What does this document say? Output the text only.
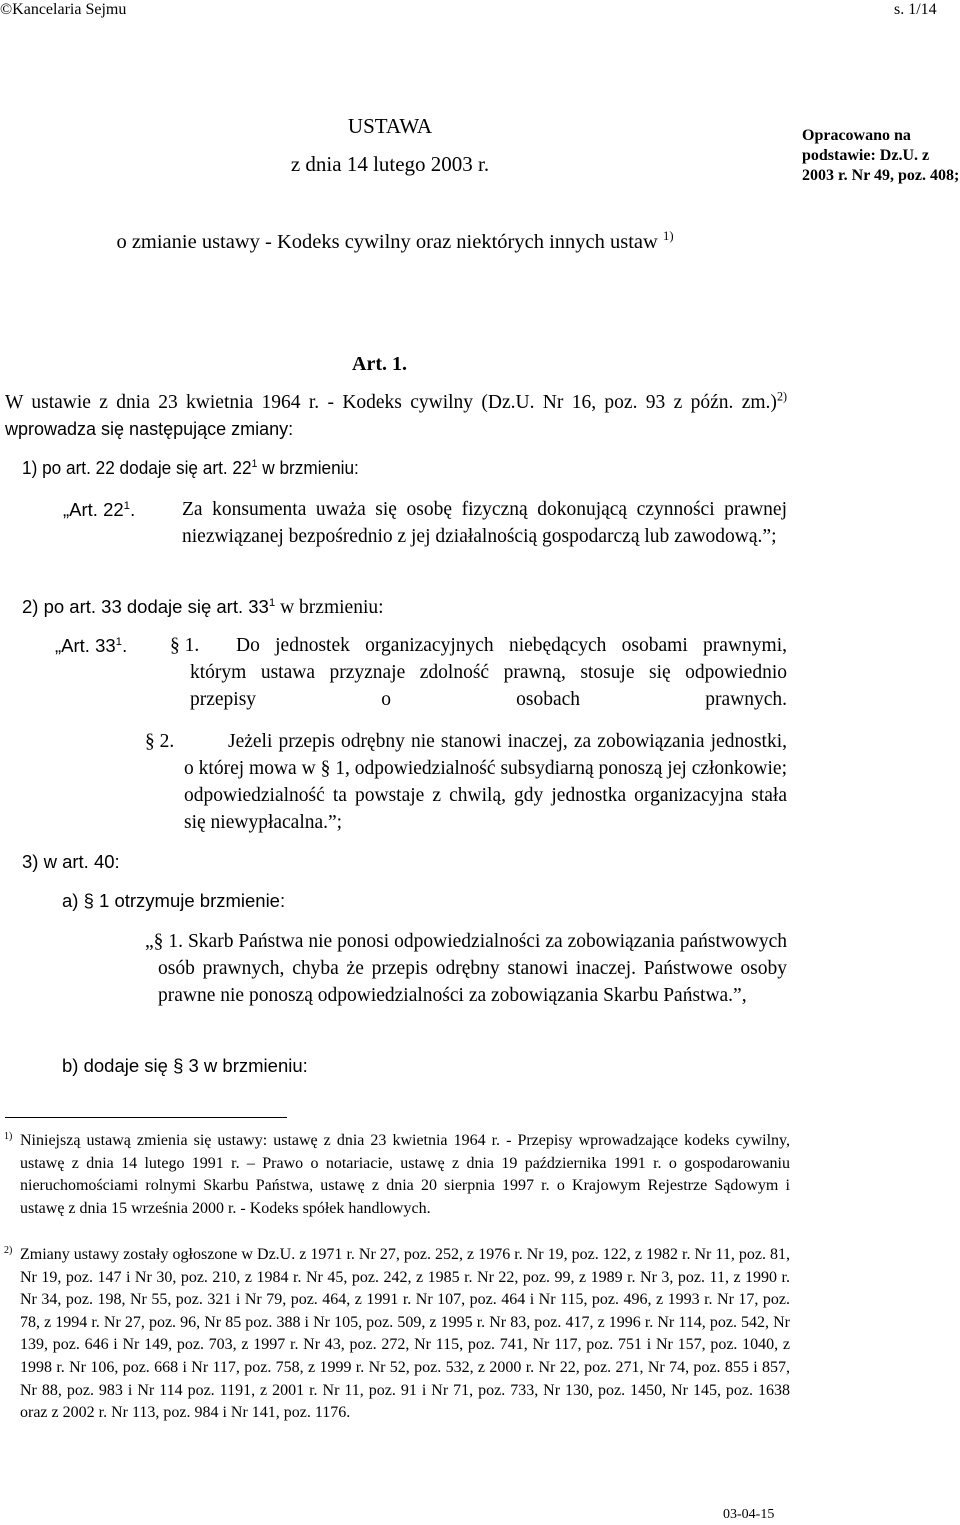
©Kancelaria Sejmu	s. 1/14
USTAWA
z dnia 14 lutego 2003 r.
o zmianie ustawy - Kodeks cywilny oraz niektórych innych ustaw $^{1)}$
Opracowano na podstawie: Dz.U. z 2003 r. Nr 49, poz. 408;
Art. 1.
W ustawie z dnia 23 kwietnia 1964 r. - Kodeks cywilny (Dz.U. Nr 16, poz. 93 z późn. zm.)$^{2)}$ wprowadza się następujące zmiany:
1) po art. 22 dodaje się art. $22^1$ w brzmieniu:
„Art. $22^1$. Za konsumenta uważa się osobę fizyczną dokonującą czynności prawnej niezwiązanej bezpośrednio z jej działalnością gospodarczą lub zawodową.”;
2) po art. 33 dodaje się art. $33^1$ w brzmieniu:
„Art. $33^1$. § 1.	Do jednostek organizacyjnych niebędących osobami prawnymi, którym ustawa przyznaje zdolność prawną, stosuje się odpowiednio przepisy o osobach prawnych.
§ 2.	Jeżeli przepis odrębny nie stanowi inaczej, za zobowiązania jednostki, o której mowa w § 1, odpowiedzialność subsydiarną ponoszą jej członkowie; odpowiedzialność ta powstaje z chwilą, gdy jednostka organizacyjna stała się niewypłacalna.”;
3) w art. 40:
a) § 1 otrzymuje brzmienie:
„§ 1. Skarb Państwa nie ponosi odpowiedzialności za zobowiązania państwowych osób prawnych, chyba że przepis odrębny stanowi inaczej. Państwowe osoby prawne nie ponoszą odpowiedzialności za zobowiązania Skarbu Państwa.”,
b) dodaje się § 3 w brzmieniu:
1) Niniejszą ustawą zmienia się ustawy: ustawę z dnia 23 kwietnia 1964 r. - Przepisy wprowadzające kodeks cywilny, ustawę z dnia 14 lutego 1991 r. – Prawo o notariacie, ustawę z dnia 19 października 1991 r. o gospodarowaniu nieruchomościami rolnymi Skarbu Państwa, ustawę z dnia 20 sierpnia 1997 r. o Krajowym Rejestrze Sądowym i ustawę z dnia 15 września 2000 r. - Kodeks spółek handlowych.
2) Zmiany ustawy zostały ogłoszone w Dz.U. z 1971 r. Nr 27, poz. 252, z 1976 r. Nr 19, poz. 122, z 1982 r. Nr 11, poz. 81, Nr 19, poz. 147 i Nr 30, poz. 210, z 1984 r. Nr 45, poz. 242, z 1985 r. Nr 22, poz. 99, z 1989 r. Nr 3, poz. 11, z 1990 r. Nr 34, poz. 198, Nr 55, poz. 321 i Nr 79, poz. 464, z 1991 r. Nr 107, poz. 464 i Nr 115, poz. 496, z 1993 r. Nr 17, poz. 78, z 1994 r. Nr 27, poz. 96, Nr 85 poz. 388 i Nr 105, poz. 509, z 1995 r. Nr 83, poz. 417, z 1996 r. Nr 114, poz. 542, Nr 139, poz. 646 i Nr 149, poz. 703, z 1997 r. Nr 43, poz. 272, Nr 115, poz. 741, Nr 117, poz. 751 i Nr 157, poz. 1040, z 1998 r. Nr 106, poz. 668 i Nr 117, poz. 758, z 1999 r. Nr 52, poz. 532, z 2000 r. Nr 22, poz. 271, Nr 74, poz. 855 i 857, Nr 88, poz. 983 i Nr 114 poz. 1191, z 2001 r. Nr 11, poz. 91 i Nr 71, poz. 733, Nr 130, poz. 1450, Nr 145, poz. 1638 oraz z 2002 r. Nr 113, poz. 984 i Nr 141, poz. 1176.
03-04-15
